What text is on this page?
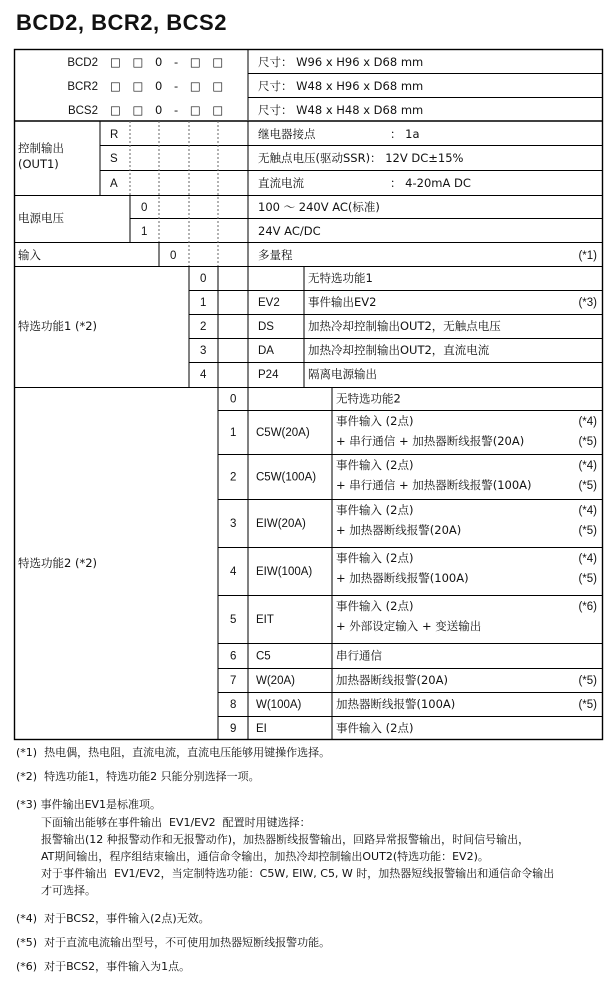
BCD2, BCR2, BCS2
BCD2 □ □ 0 - □ □	尺寸： W96 x H96 x D68 mm
BCR2 □ □ 0 - □ □	尺寸： W48 x H96 x D68 mm
BCS2 □ □ 0 - □ □	尺寸： W48 x H48 x D68 mm
控制输出
(OUT1)
R	继电器接点	： 1a
S	无触点电压(驱动SSR)： 12V DC±15%
A	直流电流	： 4-20mA DC
电源电压
0	100 ～ 240V AC(标准)
1	24V AC/DC
输入	0	多量程	(*1)
特选功能1 (*2)
0	无特选功能1
1	EV2 事件输出EV2	(*3)
2	DS	加热冷却控制输出OUT2，无触点电压
3	DA	加热冷却控制输出OUT2，直流电流
4	P24	隔离电源输出
特选功能2 (*2)
0	无特选功能2
1 C5W(20A)
事件输入 (2点)	(*4)
+ 串行通信 + 加热器断线报警(20A)	(*5)
2 C5W(100A)
事件输入 (2点)	(*4)
+ 串行通信 + 加热器断线报警(100A)	(*5)
3 EIW(20A)
事件输入 (2点)	(*4)
+ 加热器断线报警(20A)	(*5)
4 EIW(100A)
事件输入 (2点)	(*4)
+ 加热器断线报警(100A)	(*5)
5 EIT
事件输入 (2点)	(*6)
+ 外部设定输入 + 变送输出
6 C5	串行通信
7 W(20A)	加热器断线报警(20A)	(*5)
8 W(100A)	加热器断线报警(100A)	(*5)
9 EI	事件输入 (2点)
(*1)  热电偶，热电阻，直流电流，直流电压能够用键操作选择。
(*2)  特选功能1，特选功能2 只能分别选择一项。
(*3) 事件输出EV1是标准项。
下面输出能够在事件输出  EV1/EV2  配置时用键选择：
报警输出(12 种报警动作和无报警动作)，加热器断线报警输出，回路异常报警输出，时间信号输出，
AT期间输出，程序组结束输出，通信命令输出，加热冷却控制输出OUT2(特选功能：EV2)。
对于事件输出  EV1/EV2，当定制特选功能：C5W, EIW, C5, W 时，加热器短线报警输出和通信命令输出
才可选择。
(*4)  对于BCS2，事件输入(2点)无效。
(*5)  对于直流电流输出型号，不可使用加热器短断线报警功能。
(*6)  对于BCS2，事件输入为1点。
